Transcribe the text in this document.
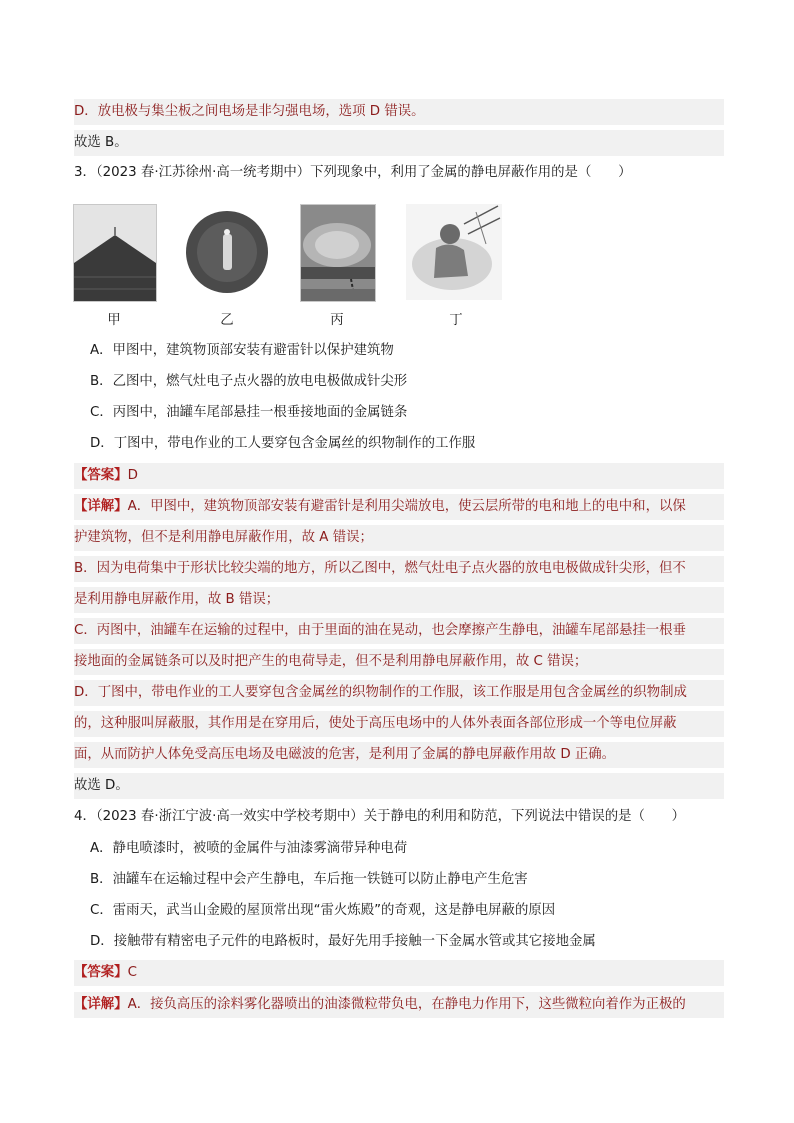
D．放电极与集尘板之间电场是非匀强电场，选项 D 错误。
故选 B。
3．（2023 春·江苏徐州·高一统考期中）下列现象中，利用了金属的静电屏蔽作用的是（　　）
甲	乙	丙	丁
A．甲图中，建筑物顶部安装有避雷针以保护建筑物
B．乙图中，燃气灶电子点火器的放电电极做成针尖形
C．丙图中，油罐车尾部悬挂一根垂接地面的金属链条
D．丁图中，带电作业的工人要穿包含金属丝的织物制作的工作服
【答案】D
【详解】A．甲图中，建筑物顶部安装有避雷针是利用尖端放电，使云层所带的电和地上的电中和，以保
护建筑物，但不是利用静电屏蔽作用，故 A 错误；
B．因为电荷集中于形状比较尖端的地方，所以乙图中，燃气灶电子点火器的放电电极做成针尖形，但不
是利用静电屏蔽作用，故 B 错误；
C．丙图中，油罐车在运输的过程中，由于里面的油在晃动，也会摩擦产生静电，油罐车尾部悬挂一根垂
接地面的金属链条可以及时把产生的电荷导走，但不是利用静电屏蔽作用，故 C 错误；
D．丁图中，带电作业的工人要穿包含金属丝的织物制作的工作服，该工作服是用包含金属丝的织物制成
的，这种服叫屏蔽服，其作用是在穿用后，使处于高压电场中的人体外表面各部位形成一个等电位屏蔽
面，从而防护人体免受高压电场及电磁波的危害，是利用了金属的静电屏蔽作用故 D 正确。
故选 D。
4．（2023 春·浙江宁波·高一效实中学校考期中）关于静电的利用和防范，下列说法中错误的是（　　）
A．静电喷漆时，被喷的金属件与油漆雾滴带异种电荷
B．油罐车在运输过程中会产生静电，车后拖一铁链可以防止静电产生危害
C．雷雨天，武当山金殿的屋顶常出现“雷火炼殿”的奇观，这是静电屏蔽的原因
D．接触带有精密电子元件的电路板时，最好先用手接触一下金属水管或其它接地金属
【答案】C
【详解】A．接负高压的涂料雾化器喷出的油漆微粒带负电，在静电力作用下，这些微粒向着作为正极的
